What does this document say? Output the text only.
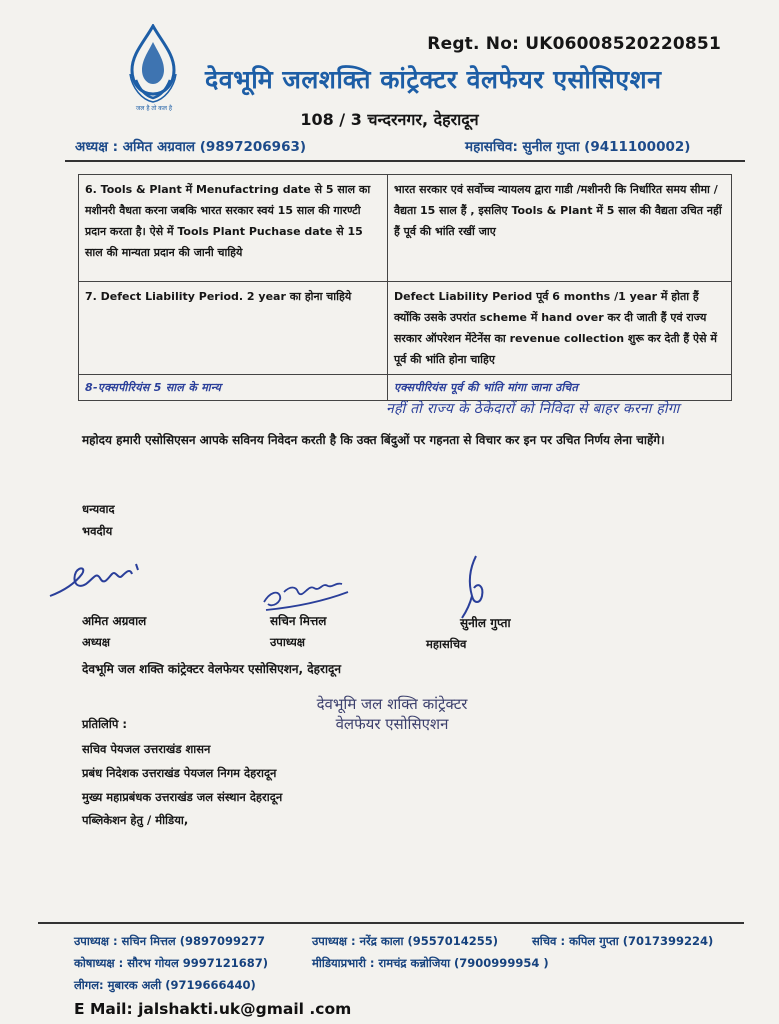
Regt. No: UK06008520220851
जल है तो कल है
देवभूमि जलशक्ति कांट्रेक्टर वेलफेयर एसोसिएशन
108 / 3 चन्दरनगर, देहरादून
अध्यक्ष : अमित अग्रवाल (9897206963)	महासचिव: सुनील गुप्ता (9411100002)
6. Tools & Plant में Menufactring date से 5 साल का मशीनरी वैधता करना जबकि भारत सरकार स्वयं 15 साल की गारण्टी प्रदान करता है। ऐसे में Tools Plant Puchase date से 15 साल की मान्यता प्रदान की जानी चाहिये	भारत सरकार एवं सर्वोच्च न्यायलय द्वारा गाडी /मशीनरी कि निर्धारित समय सीमा / वैद्यता 15 साल हैं , इसलिए Tools & Plant में 5 साल की वैद्यता उचित नहीं हैं पूर्व की भांति रखीं जाए
7. Defect Liability Period. 2 year का होना चाहिये	Defect Liability Period पूर्व 6 months /1 year में होता हैं क्योंकि उसके उपरांत scheme में hand over कर दी जाती हैं एवं राज्य सरकार ऑपरेशन मेंटेनेंस का revenue collection शुरू कर देती हैं ऐसे में पूर्व की भांति होना चाहिए
8-एक्सपीरियंस 5 साल के मान्य	एक्सपीरियंस पूर्व की भांति मांगा जाना उचित
नहीं तो राज्य के ठेकेदारों को निविदा से बाहर करना होगा
महोदय हमारी एसोसिएसन आपके सविनय निवेदन करती है कि उक्त बिंदुओं पर गहनता से विचार कर इन पर उचित निर्णय लेना चाहेंगे।
धन्यवाद
भवदीय
अमित अग्रवाल
अध्यक्ष
सचिन मित्तल
उपाध्यक्ष
सुनील गुप्ता
महासचिव
देवभूमि जल शक्ति कांट्रेक्टर वेलफेयर एसोसिएशन, देहरादून
देवभूमि जल शक्ति कांट्रेक्टर
वेलफेयर एसोसिएशन
प्रतिलिपि :
सचिव पेयजल उत्तराखंड शासन
प्रबंध निदेशक उत्तराखंड पेयजल निगम देहरादून
मुख्य महाप्रबंधक उत्तराखंड जल संस्थान देहरादून
पब्लिकेशन हेतु / मीडिया,
उपाध्यक्ष : सचिन मित्तल (9897099277	उपाध्यक्ष : नरेंद्र काला (9557014255)	सचिव : कपिल गुप्ता (7017399224)
कोषाध्यक्ष : सौरभ गोयल 9997121687)	मीडियाप्रभारी : रामचंद्र कन्नोजिया (7900999954 )
लीगल: मुबारक अली (9719666440)
E Mail: jalshakti.uk@gmail .com
